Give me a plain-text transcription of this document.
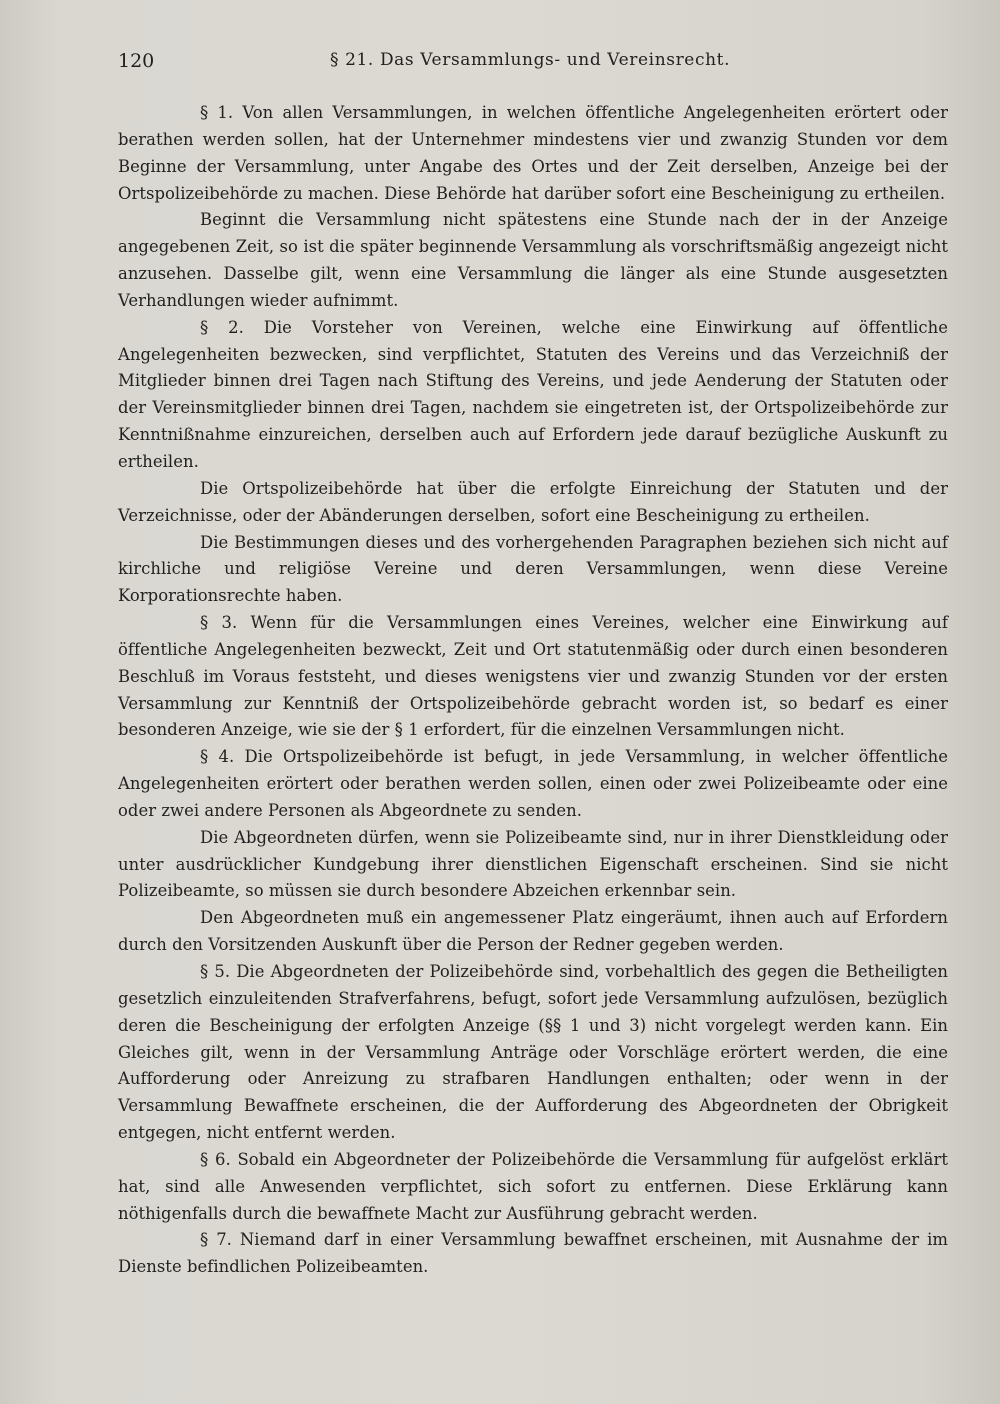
120	§ 21. Das Versammlungs- und Vereinsrecht.

§ 1. Von allen Versammlungen, in welchen öffentliche Angelegenheiten erörtert oder berathen werden sollen, hat der Unternehmer mindestens vier und zwanzig Stunden vor dem Beginne der Versammlung, unter Angabe des Ortes und der Zeit derselben, Anzeige bei der Ortspolizeibehörde zu machen. Diese Behörde hat darüber sofort eine Bescheinigung zu ertheilen.

Beginnt die Versammlung nicht spätestens eine Stunde nach der in der Anzeige angegebenen Zeit, so ist die später beginnende Versammlung als vorschriftsmäßig angezeigt nicht anzusehen. Dasselbe gilt, wenn eine Versammlung die länger als eine Stunde ausgesetzten Verhandlungen wieder aufnimmt.

§ 2. Die Vorsteher von Vereinen, welche eine Einwirkung auf öffentliche Angelegenheiten bezwecken, sind verpflichtet, Statuten des Vereins und das Verzeichniß der Mitglieder binnen drei Tagen nach Stiftung des Vereins, und jede Aenderung der Statuten oder der Vereinsmitglieder binnen drei Tagen, nachdem sie eingetreten ist, der Ortspolizeibehörde zur Kenntnißnahme einzureichen, derselben auch auf Erfordern jede darauf bezügliche Auskunft zu ertheilen.

Die Ortspolizeibehörde hat über die erfolgte Einreichung der Statuten und der Verzeichnisse, oder der Abänderungen derselben, sofort eine Bescheinigung zu ertheilen.

Die Bestimmungen dieses und des vorhergehenden Paragraphen beziehen sich nicht auf kirchliche und religiöse Vereine und deren Versammlungen, wenn diese Vereine Korporationsrechte haben.

§ 3. Wenn für die Versammlungen eines Vereines, welcher eine Einwirkung auf öffentliche Angelegenheiten bezweckt, Zeit und Ort statutenmäßig oder durch einen besonderen Beschluß im Voraus feststeht, und dieses wenigstens vier und zwanzig Stunden vor der ersten Versammlung zur Kenntniß der Ortspolizeibehörde gebracht worden ist, so bedarf es einer besonderen Anzeige, wie sie der § 1 erfordert, für die einzelnen Versammlungen nicht.

§ 4. Die Ortspolizeibehörde ist befugt, in jede Versammlung, in welcher öffentliche Angelegenheiten erörtert oder berathen werden sollen, einen oder zwei Polizeibeamte oder eine oder zwei andere Personen als Abgeordnete zu senden.

Die Abgeordneten dürfen, wenn sie Polizeibeamte sind, nur in ihrer Dienstkleidung oder unter ausdrücklicher Kundgebung ihrer dienstlichen Eigenschaft erscheinen. Sind sie nicht Polizeibeamte, so müssen sie durch besondere Abzeichen erkennbar sein.

Den Abgeordneten muß ein angemessener Platz eingeräumt, ihnen auch auf Erfordern durch den Vorsitzenden Auskunft über die Person der Redner gegeben werden.

§ 5. Die Abgeordneten der Polizeibehörde sind, vorbehaltlich des gegen die Betheiligten gesetzlich einzuleitenden Strafverfahrens, befugt, sofort jede Versammlung aufzulösen, bezüglich deren die Bescheinigung der erfolgten Anzeige (§§ 1 und 3) nicht vorgelegt werden kann. Ein Gleiches gilt, wenn in der Versammlung Anträge oder Vorschläge erörtert werden, die eine Aufforderung oder Anreizung zu strafbaren Handlungen enthalten; oder wenn in der Versammlung Bewaffnete erscheinen, die der Aufforderung des Abgeordneten der Obrigkeit entgegen, nicht entfernt werden.

§ 6. Sobald ein Abgeordneter der Polizeibehörde die Versammlung für aufgelöst erklärt hat, sind alle Anwesenden verpflichtet, sich sofort zu entfernen. Diese Erklärung kann nöthigenfalls durch die bewaffnete Macht zur Ausführung gebracht werden.

§ 7. Niemand darf in einer Versammlung bewaffnet erscheinen, mit Ausnahme der im Dienste befindlichen Polizeibeamten.
